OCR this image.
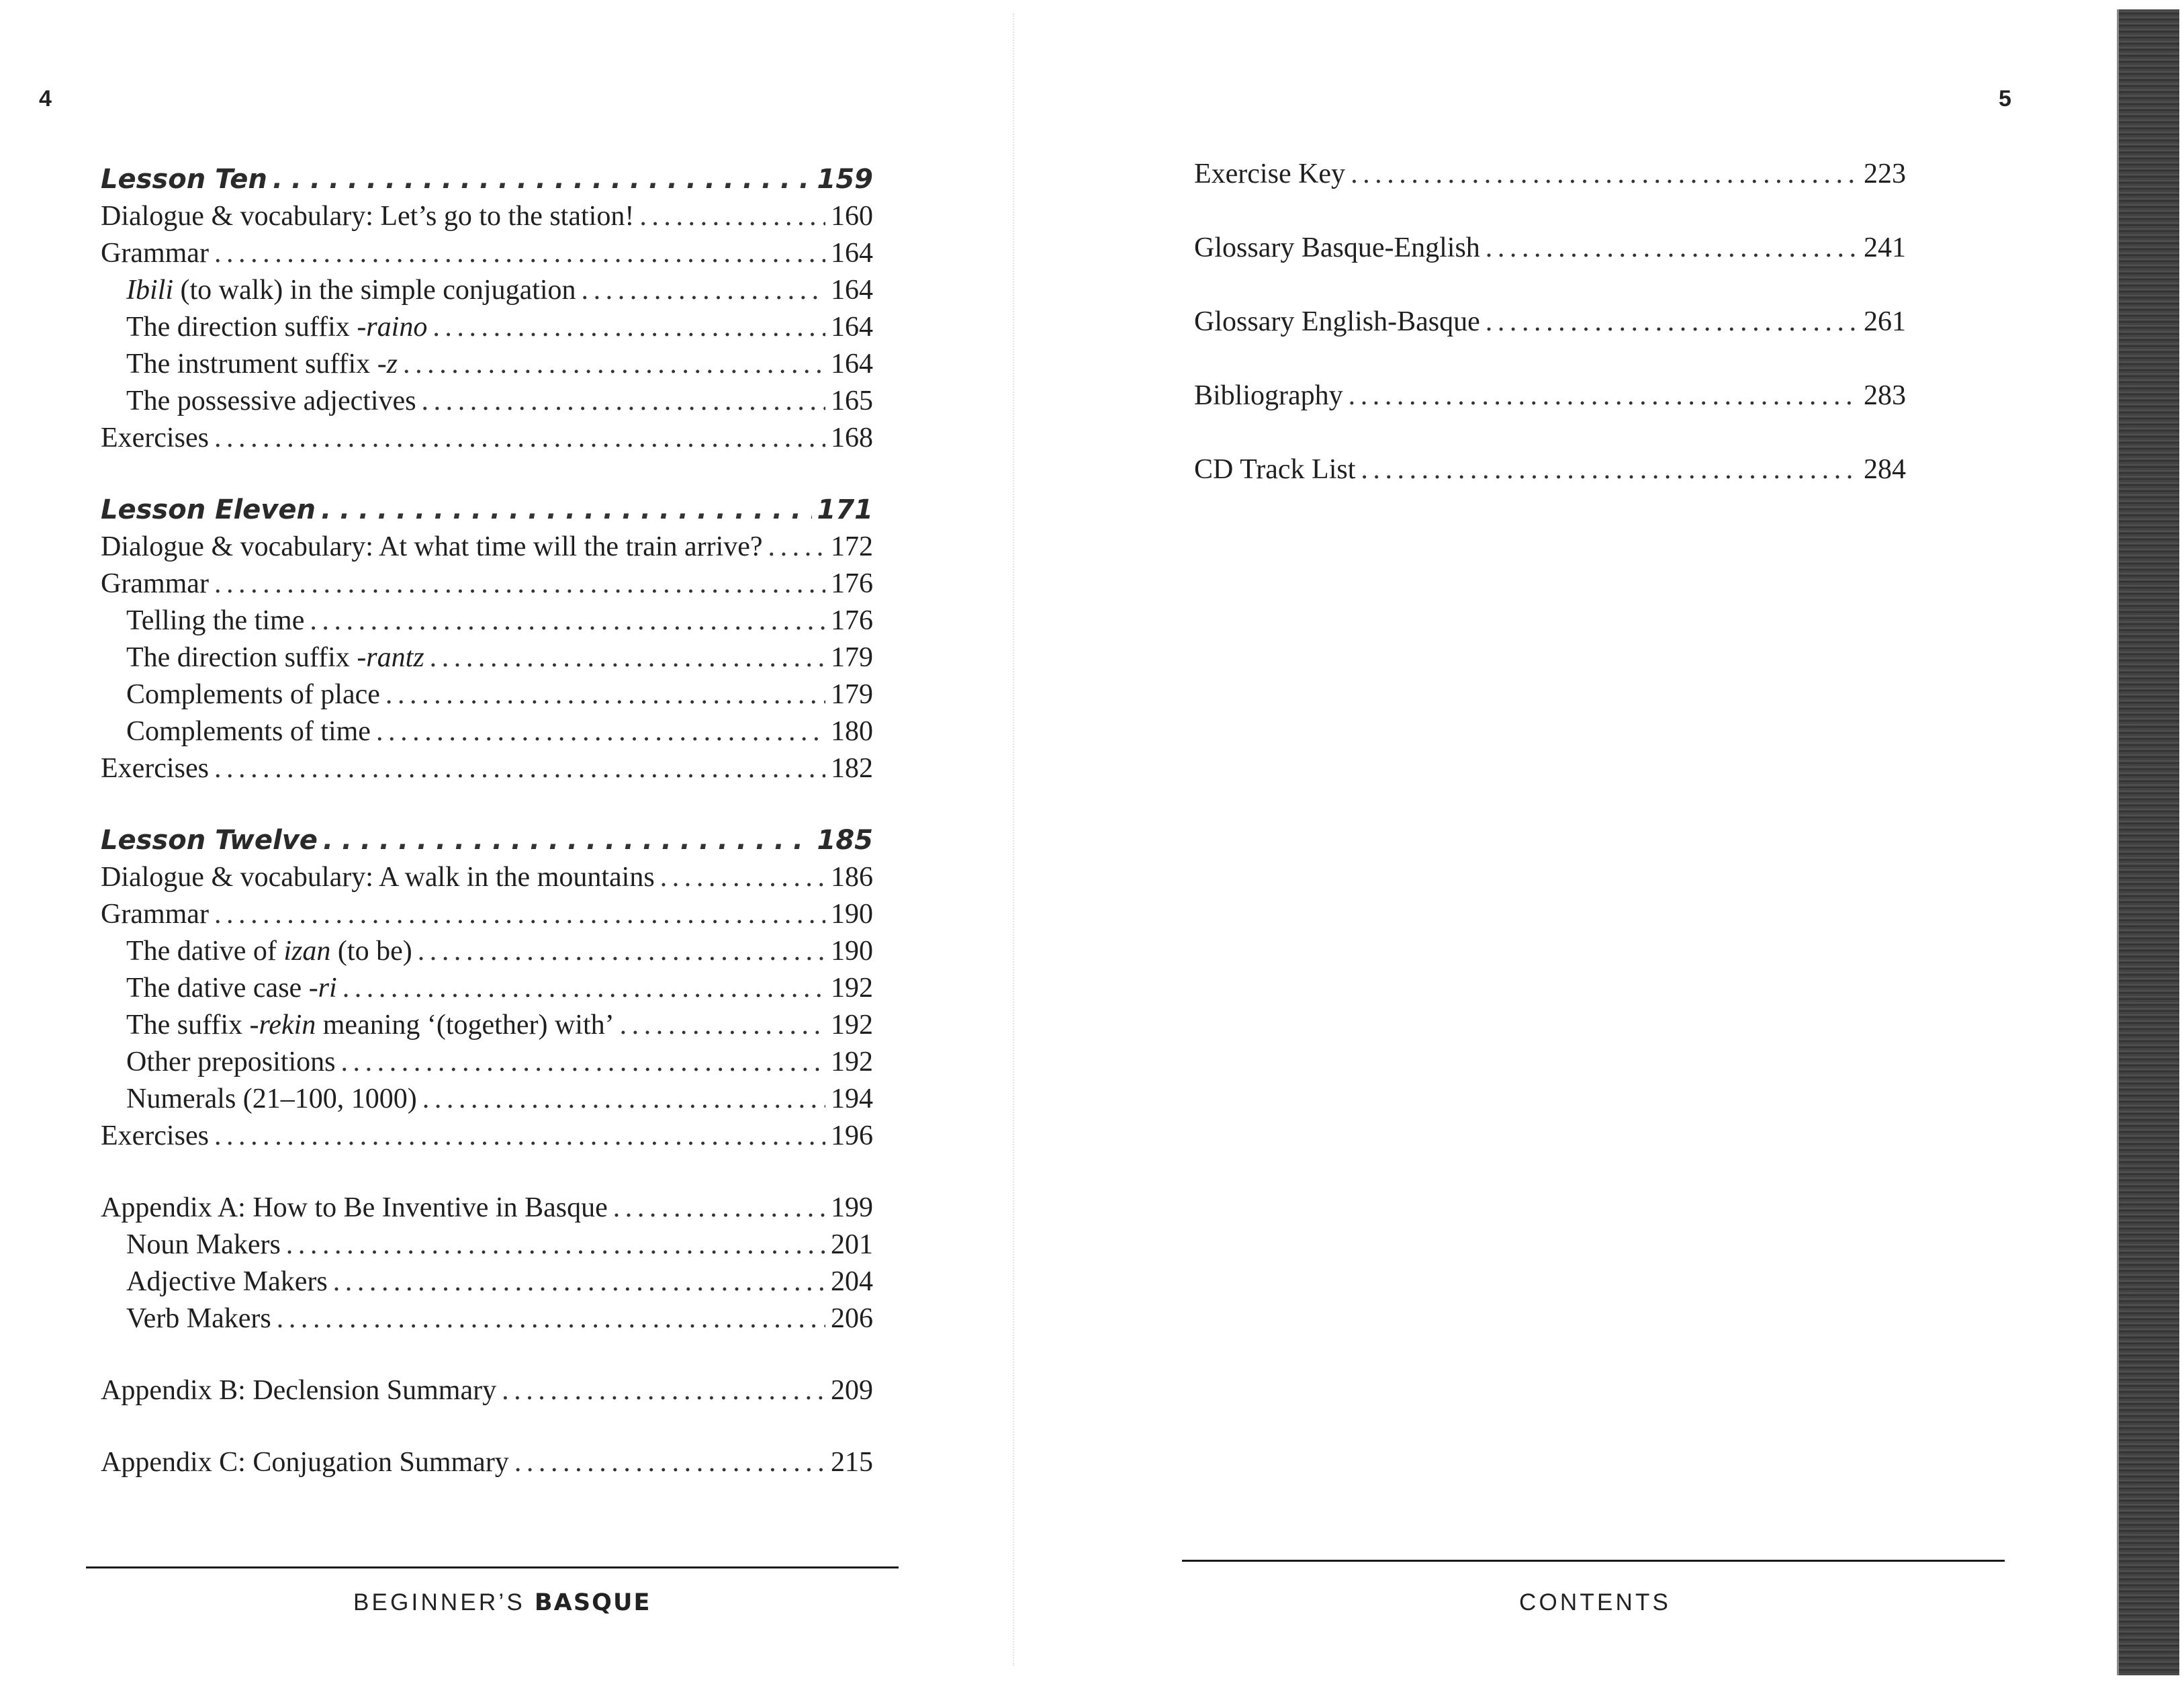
4
Lesson Ten .....	159
Dialogue & vocabulary: Let’s go to the station! .....	160
Grammar .....	164
Ibili (to walk) in the simple conjugation .....	164
The direction suffix -raino .....	164
The instrument suffix -z .....	164
The possessive adjectives .....	165
Exercises .....	168
Lesson Eleven .....	171
Dialogue & vocabulary: At what time will the train arrive? ..... 172
Grammar .....	176
Telling the time .....	176
The direction suffix -rantz .....	179
Complements of place .....	179
Complements of time .....	180
Exercises .....	182
Lesson Twelve .....	185
Dialogue & vocabulary: A walk in the mountains .....	186
Grammar .....	190
The dative of izan (to be) .....	190
The dative case -ri .....	192
The suffix -rekin meaning ‘(together) with’ .....	192
Other prepositions .....	192
Numerals (21–100, 1000) .....	194
Exercises .....	196
Appendix A: How to Be Inventive in Basque .....	199
Noun Makers .....	201
Adjective Makers .....	204
Verb Makers .....	206
Appendix B: Declension Summary .....	209
Appendix C: Conjugation Summary .....	215
BEGINNER’S BASQUE
5
Exercise Key .....	223
Glossary Basque-English .....	241
Glossary English-Basque .....	261
Bibliography .....	283
CD Track List .....	284
CONTENTS
